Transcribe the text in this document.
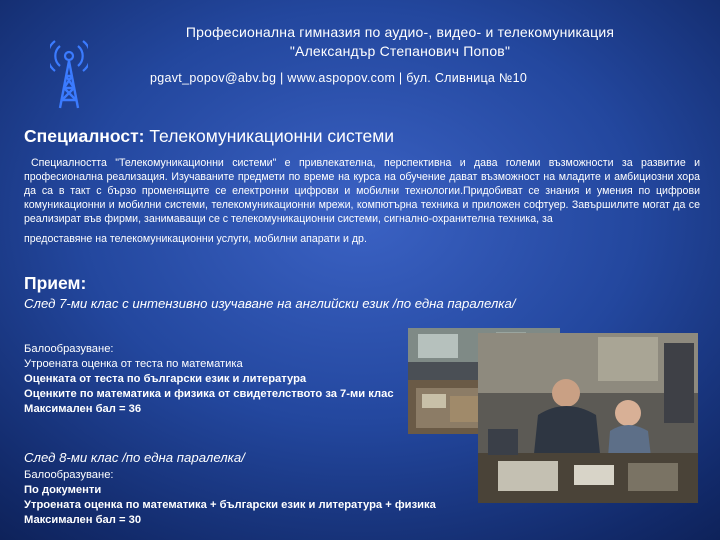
Професионална гимназия по аудио-, видео- и телекомуникация
"Александър Степанович Попов"
pgavt_popov@abv.bg | www.aspopov.com | бул. Сливница №10
Специалност: Телекомуникационни системи
Специалността "Телекомуникационни системи" е привлекателна, перспективна и дава големи възможности за развитие и професионална реализация. Изучаваните предмети по време на курса на обучение дават възможност на младите и амбициозни хора да са в такт с бързо променящите се електронни цифрови и мобилни технологии.Придобиват се знания и умения по цифрови комуникационни и мобилни системи, телекомуникационни мрежи, компютърна техника и приложен софтуер. Завършилите могат да се реализират във фирми, занимаващи се с телекомуникационни системи, сигнално-охранителна техника, за
предоставяне на телекомуникационни услуги, мобилни апарати и др.
Прием:
След 7-ми клас с интензивно изучаване на английски език /по една паралелка/
Балообразуване:
Утроената оценка от теста по математика
Оценката от теста по български език и литература
Оценките по математика и физика от свидетелството за 7-ми клас
Максимален бал = 36
След 8-ми клас /по една паралелка/
Балообразуване:
По документи
Утроената оценка по математика + български език и литература + физика
Максимален бал = 30
